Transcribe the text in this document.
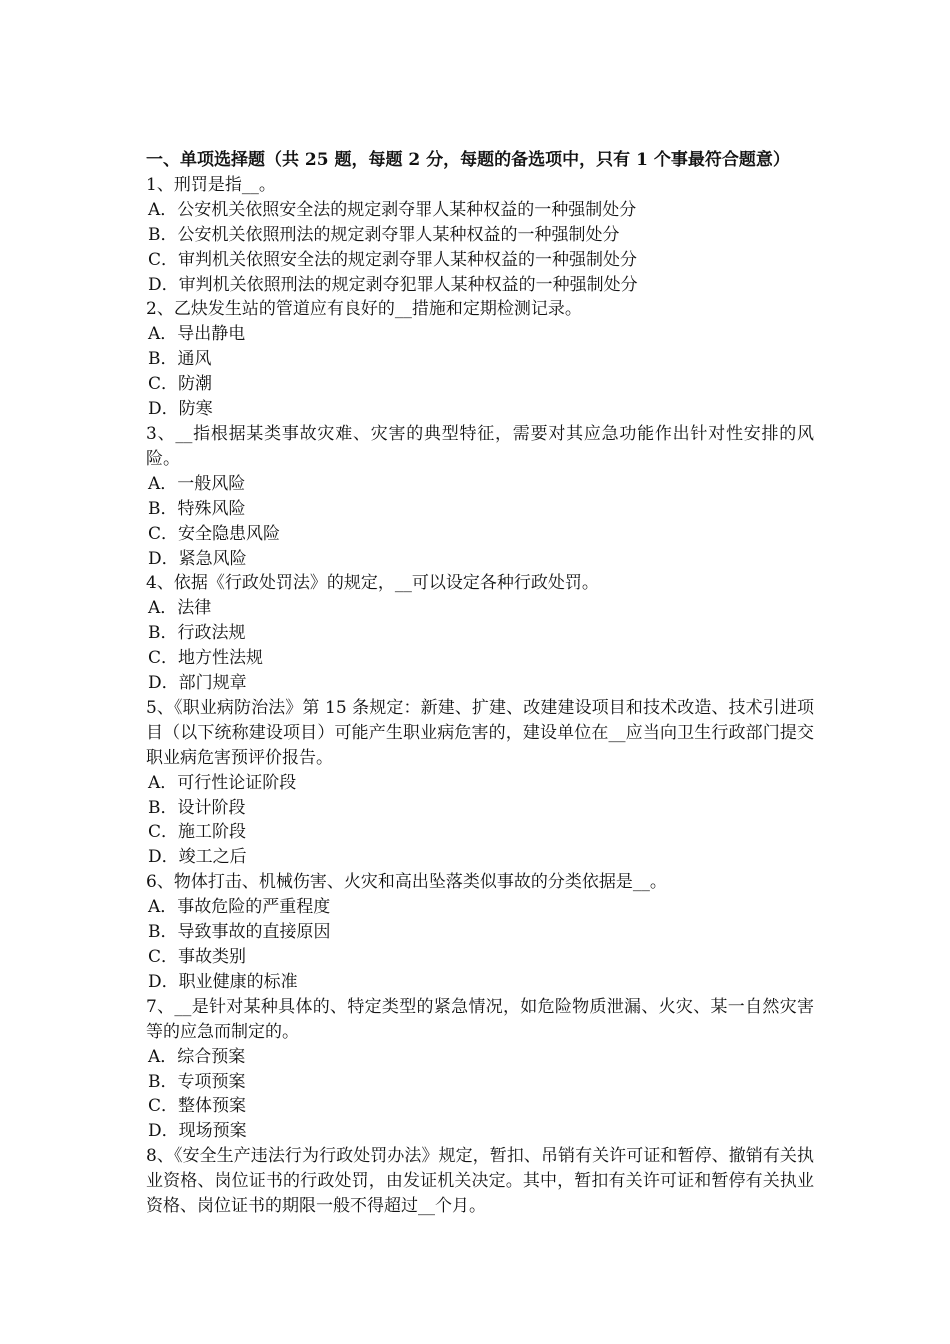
一、单项选择题（共 25 题，每题 2 分，每题的备选项中，只有 1 个事最符合题意）
1、刑罚是指__。
A．公安机关依照安全法的规定剥夺罪人某种权益的一种强制处分
B．公安机关依照刑法的规定剥夺罪人某种权益的一种强制处分
C．审判机关依照安全法的规定剥夺罪人某种权益的一种强制处分
D．审判机关依照刑法的规定剥夺犯罪人某种权益的一种强制处分
2、乙炔发生站的管道应有良好的__措施和定期检测记录。
A．导出静电
B．通风
C．防潮
D．防寒
3、__指根据某类事故灾难、灾害的典型特征，需要对其应急功能作出针对性安排的风险。
A．一般风险
B．特殊风险
C．安全隐患风险
D．紧急风险
4、依据《行政处罚法》的规定，__可以设定各种行政处罚。
A．法律
B．行政法规
C．地方性法规
D．部门规章
5、《职业病防治法》第 15 条规定：新建、扩建、改建建设项目和技术改造、技术引进项目（以下统称建设项目）可能产生职业病危害的，建设单位在__应当向卫生行政部门提交职业病危害预评价报告。
A．可行性论证阶段
B．设计阶段
C．施工阶段
D．竣工之后
6、物体打击、机械伤害、火灾和高出坠落类似事故的分类依据是__。
A．事故危险的严重程度
B．导致事故的直接原因
C．事故类别
D．职业健康的标准
7、__是针对某种具体的、特定类型的紧急情况，如危险物质泄漏、火灾、某一自然灾害等的应急而制定的。
A．综合预案
B．专项预案
C．整体预案
D．现场预案
8、《安全生产违法行为行政处罚办法》规定，暂扣、吊销有关许可证和暂停、撤销有关执业资格、岗位证书的行政处罚，由发证机关决定。其中，暂扣有关许可证和暂停有关执业资格、岗位证书的期限一般不得超过__个月。
